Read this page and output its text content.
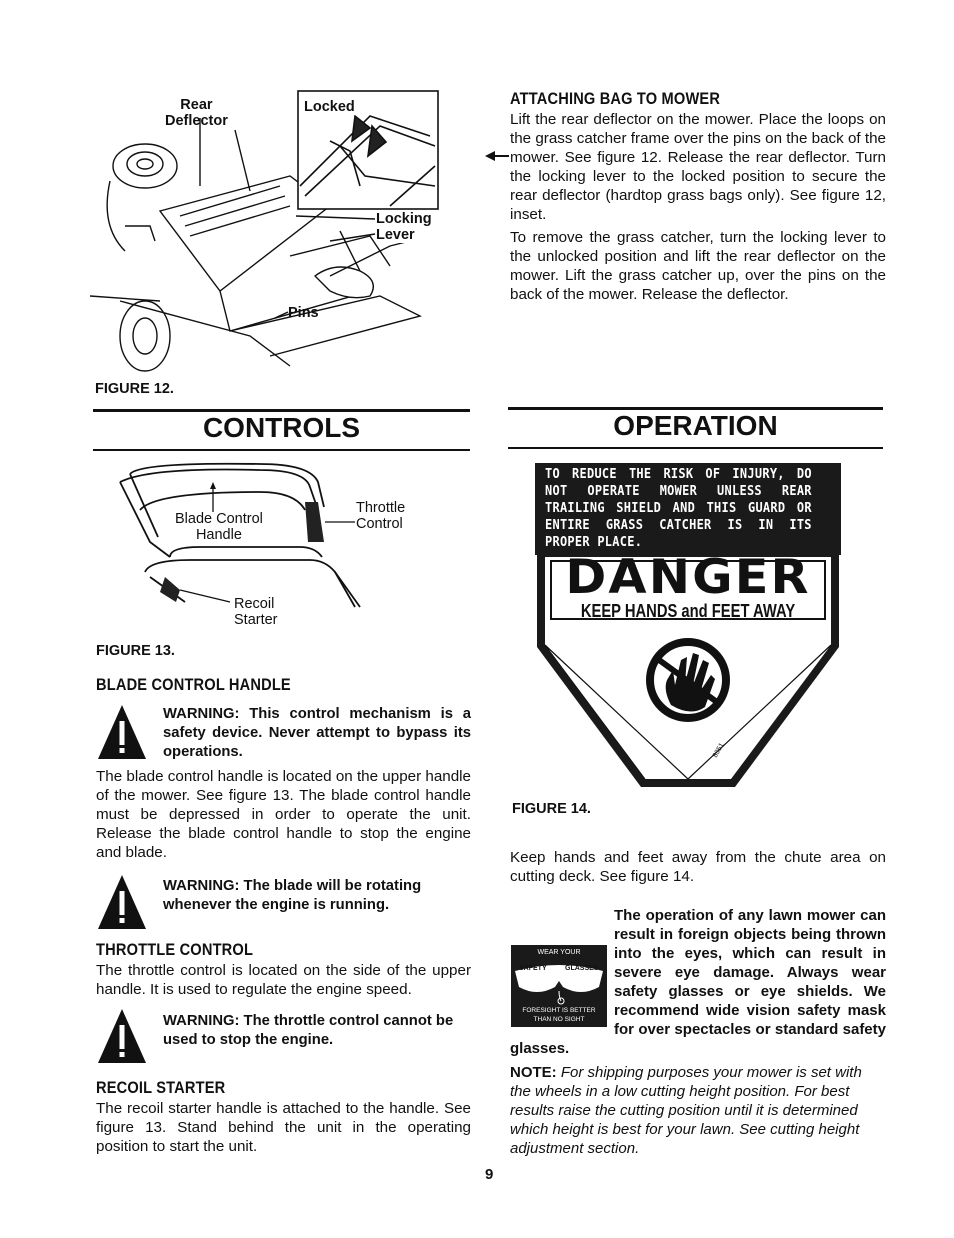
Rear
Deflector
Locked
Locking
Lever
Pins
FIGURE 12.
ATTACHING BAG TO MOWER

Lift the rear deflector on the mower. Place the loops on the grass catcher frame over the pins on the back of the mower. See figure 12. Release the rear deflector. Turn the locking lever to the locked position to secure the rear deflector (hardtop grass bags only). See figure 12, inset.

To remove the grass catcher, turn the locking lever to the unlocked position and lift the rear deflector on the mower. Lift the grass catcher up, over the pins on the back of the mower. Release the deflector.

CONTROLS
Blade Control
Handle
Throttle
Control
Recoil
Starter
FIGURE 13.
BLADE CONTROL HANDLE

WARNING: This control mechanism is a safety device. Never attempt to bypass its operations.

The blade control handle is located on the upper handle of the mower. See figure 13. The blade control handle must be depressed in order to operate the unit. Release the blade control handle to stop the engine and blade.

WARNING: The blade will be rotating whenever the engine is running.

THROTTLE CONTROL

The throttle control is located on the side of the upper handle. It is used to regulate the engine speed.

WARNING: The throttle control cannot be used to stop the engine.

RECOIL STARTER

The recoil starter handle is attached to the handle. See figure 13. Stand behind the unit in the operating position to start the unit.

OPERATION
TO REDUCE THE RISK OF INJURY, DO NOT OPERATE MOWER UNLESS REAR TRAILING SHIELD AND THIS GUARD OR ENTIRE GRASS CATCHER IS IN ITS PROPER PLACE.
DANGER
KEEP HANDS and FEET AWAY
8351
FIGURE 14.

Keep hands and feet away from the chute area on cutting deck. See figure 14.

The operation of any lawn mower can result in foreign objects being thrown into the eyes, which can result in severe eye damage. Always wear safety glasses or eye shields. We recommend wide vision safety mask for over spectacles or standard safety glasses.

WEAR YOUR
SAFETY	GLASSES
FORESIGHT IS BETTER
THAN NO SIGHT

NOTE: For shipping purposes your mower is set with the wheels in a low cutting height position. For best results raise the cutting position until it is determined which height is best for your lawn. See cutting height adjustment section.

9
